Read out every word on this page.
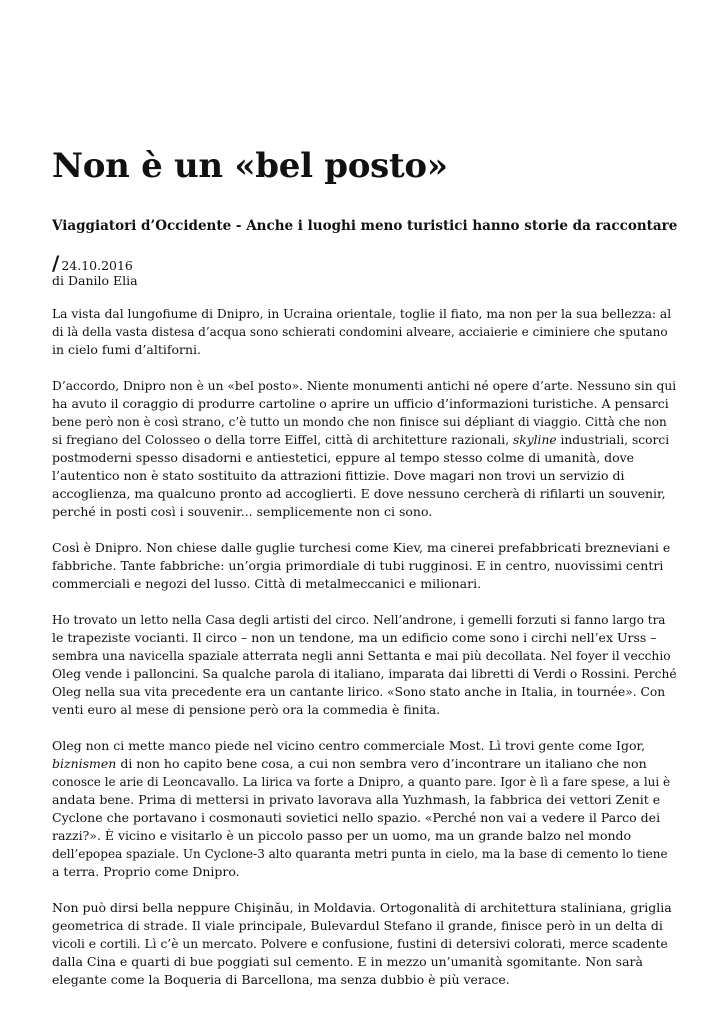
Non è un «bel posto»
Viaggiatori d’Occidente - Anche i luoghi meno turistici hanno storie da raccontare
/ 24.10.2016
di Danilo Elia

La vista dal lungofiume di Dnipro, in Ucraina orientale, toglie il fiato, ma non per la sua bellezza: al
di là della vasta distesa d’acqua sono schierati condomini alveare, acciaierie e ciminiere che sputano
in cielo fumi d’altiforni.

D’accordo, Dnipro non è un «bel posto». Niente monumenti antichi né opere d’arte. Nessuno sin qui
ha avuto il coraggio di produrre cartoline o aprire un ufficio d’informazioni turistiche. A pensarci
bene però non è così strano, c’è tutto un mondo che non finisce sui dépliant di viaggio. Città che non
si fregiano del Colosseo o della torre Eiffel, città di architetture razionali, skyline industriali, scorci
postmoderni spesso disadorni e antiestetici, eppure al tempo stesso colme di umanità, dove
l’autentico non è stato sostituito da attrazioni fittizie. Dove magari non trovi un servizio di
accoglienza, ma qualcuno pronto ad accoglierti. E dove nessuno cercherà di rifilarti un souvenir,
perché in posti così i souvenir... semplicemente non ci sono.

Così è Dnipro. Non chiese dalle guglie turchesi come Kiev, ma cinerei prefabbricati brezneviani e
fabbriche. Tante fabbriche: un’orgia primordiale di tubi rugginosi. E in centro, nuovissimi centri
commerciali e negozi del lusso. Città di metalmeccanici e milionari.

Ho trovato un letto nella Casa degli artisti del circo. Nell’androne, i gemelli forzuti si fanno largo tra
le trapeziste vocianti. Il circo – non un tendone, ma un edificio come sono i circhi nell’ex Urss –
sembra una navicella spaziale atterrata negli anni Settanta e mai più decollata. Nel foyer il vecchio
Oleg vende i palloncini. Sa qualche parola di italiano, imparata dai libretti di Verdi o Rossini. Perché
Oleg nella sua vita precedente era un cantante lirico. «Sono stato anche in Italia, in tournée». Con
venti euro al mese di pensione però ora la commedia è finita.

Oleg non ci mette manco piede nel vicino centro commerciale Most. Lì trovi gente come Igor,
biznismen di non ho capito bene cosa, a cui non sembra vero d’incontrare un italiano che non
conosce le arie di Leoncavallo. La lirica va forte a Dnipro, a quanto pare. Igor è lì a fare spese, a lui è
andata bene. Prima di mettersi in privato lavorava alla Yuzhmash, la fabbrica dei vettori Zenit e
Cyclone che portavano i cosmonauti sovietici nello spazio. «Perché non vai a vedere il Parco dei
razzi?». È vicino e visitarlo è un piccolo passo per un uomo, ma un grande balzo nel mondo
dell’epopea spaziale. Un Cyclone-3 alto quaranta metri punta in cielo, ma la base di cemento lo tiene
a terra. Proprio come Dnipro.

Non può dirsi bella neppure Chişinău, in Moldavia. Ortogonalità di architettura staliniana, griglia
geometrica di strade. Il viale principale, Bulevardul Stefano il grande, finisce però in un delta di
vicoli e cortili. Lì c’è un mercato. Polvere e confusione, fustini di detersivi colorati, merce scadente
dalla Cina e quarti di bue poggiati sul cemento. E in mezzo un’umanità sgomitante. Non sarà
elegante come la Boqueria di Barcellona, ma senza dubbio è più verace.
